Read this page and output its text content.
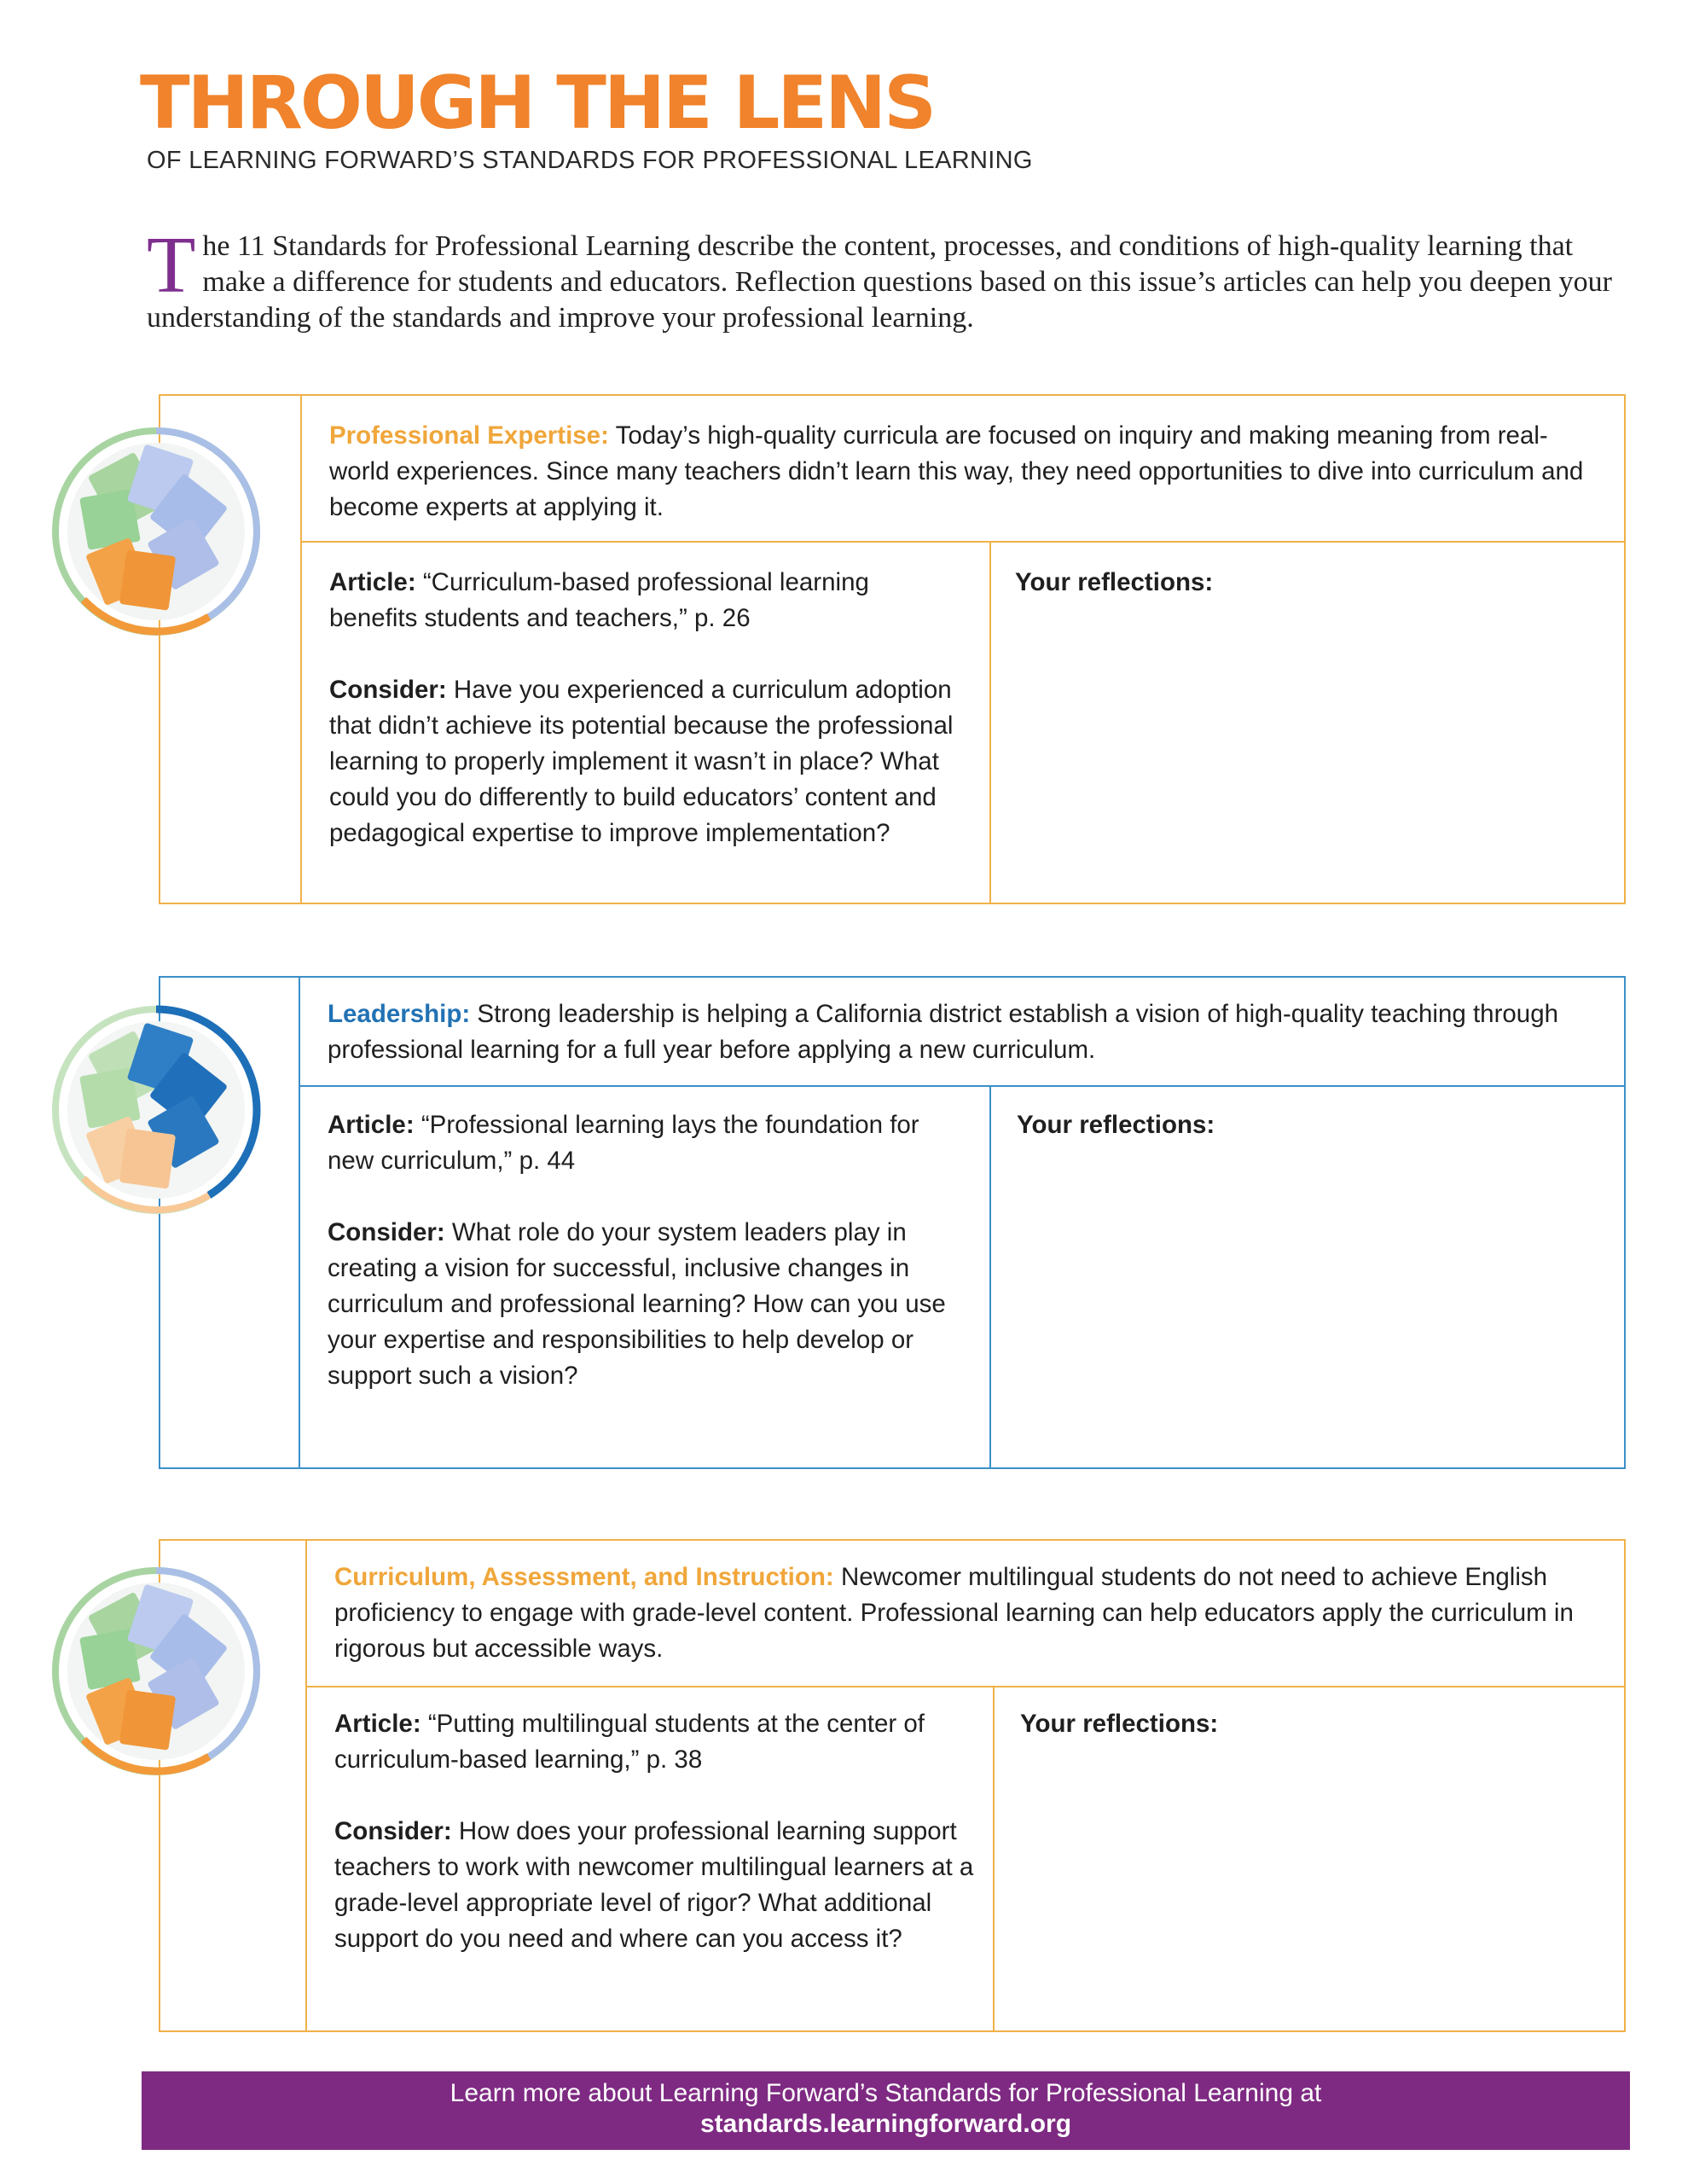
THROUGH THE LENS
OF LEARNING FORWARD’S STANDARDS FOR PROFESSIONAL LEARNING
The 11 Standards for Professional Learning describe the content, processes, and conditions of high-quality learning that make a difference for students and educators. Reflection questions based on this issue’s articles can help you deepen your understanding of the standards and improve your professional learning.
Professional Expertise: Today’s high-quality curricula are focused on inquiry and making meaning from real-world experiences. Since many teachers didn’t learn this way, they need opportunities to dive into curriculum and become experts at applying it.
Article: “Curriculum-based professional learning benefits students and teachers,” p. 26
Consider: Have you experienced a curriculum adoption that didn’t achieve its potential because the professional learning to properly implement it wasn’t in place? What could you do differently to build educators’ content and pedagogical expertise to improve implementation?
Your reflections:
Leadership: Strong leadership is helping a California district establish a vision of high-quality teaching through professional learning for a full year before applying a new curriculum.
Article: “Professional learning lays the foundation for new curriculum,” p. 44
Consider: What role do your system leaders play in creating a vision for successful, inclusive changes in curriculum and professional learning? How can you use your expertise and responsibilities to help develop or support such a vision?
Your reflections:
Curriculum, Assessment, and Instruction: Newcomer multilingual students do not need to achieve English proficiency to engage with grade-level content. Professional learning can help educators apply the curriculum in rigorous but accessible ways.
Article: “Putting multilingual students at the center of curriculum-based learning,” p. 38
Consider: How does your professional learning support teachers to work with newcomer multilingual learners at a grade-level appropriate level of rigor? What additional support do you need and where can you access it?
Your reflections:
Learn more about Learning Forward’s Standards for Professional Learning at
standards.learningforward.org
